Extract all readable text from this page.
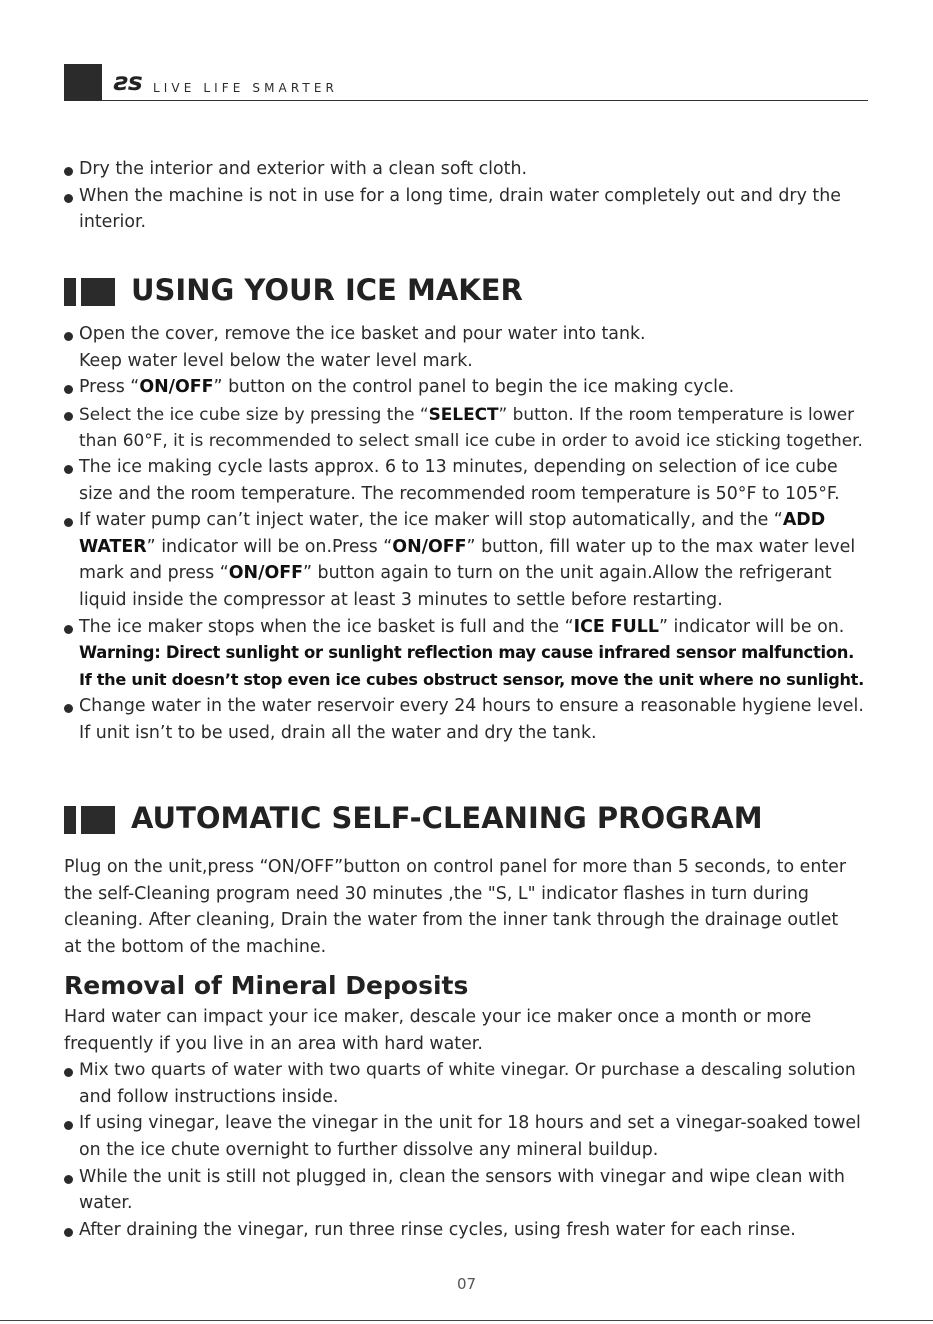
ƨs LIVE LIFE SMARTER
Dry the interior and exterior with a clean soft cloth.
When the machine is not in use for a long time, drain water completely out and dry the
interior.
USING YOUR ICE MAKER
Open the cover, remove the ice basket and pour water into tank.
Keep water level below the water level mark.
Press “ON/OFF” button on the control panel to begin the ice making cycle.
Select the ice cube size by pressing the “SELECT” button. If the room temperature is lower
than 60°F, it is recommended to select small ice cube in order to avoid ice sticking together.
The ice making cycle lasts approx. 6 to 13 minutes, depending on selection of ice cube
size and the room temperature. The recommended room temperature is 50°F to 105°F.
If water pump can’t inject water, the ice maker will stop automatically, and the “ADD
WATER” indicator will be on.Press “ON/OFF” button, fill water up to the max water level
mark and press “ON/OFF” button again to turn on the unit again.Allow the refrigerant
liquid inside the compressor at least 3 minutes to settle before restarting.
The ice maker stops when the ice basket is full and the “ICE FULL” indicator will be on.
Warning: Direct sunlight or sunlight reflection may cause infrared sensor malfunction.
If the unit doesn’t stop even ice cubes obstruct sensor, move the unit where no sunlight.
Change water in the water reservoir every 24 hours to ensure a reasonable hygiene level.
If unit isn’t to be used, drain all the water and dry the tank.
AUTOMATIC SELF-CLEANING PROGRAM
Plug on the unit,press “ON/OFF”button on control panel for more than 5 seconds, to enter
the self-Cleaning program need 30 minutes ,the "S, L" indicator flashes in turn during
cleaning. After cleaning, Drain the water from the inner tank through the drainage outlet
at the bottom of the machine.
Removal of Mineral Deposits
Hard water can impact your ice maker, descale your ice maker once a month or more
frequently if you live in an area with hard water.
Mix two quarts of water with two quarts of white vinegar. Or purchase a descaling solution
and follow instructions inside.
If using vinegar, leave the vinegar in the unit for 18 hours and set a vinegar-soaked towel
on the ice chute overnight to further dissolve any mineral buildup.
While the unit is still not plugged in, clean the sensors with vinegar and wipe clean with
water.
After draining the vinegar, run three rinse cycles, using fresh water for each rinse.
07
